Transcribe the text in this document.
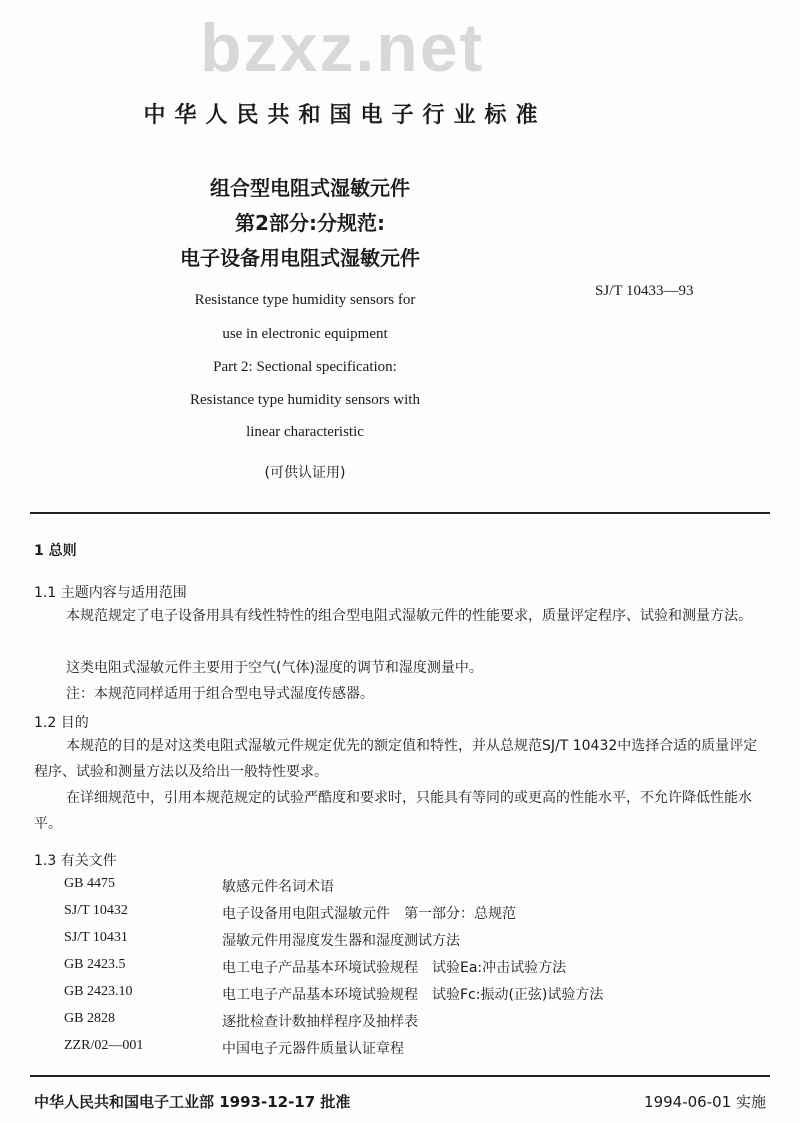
bzxz.net
中华人民共和国电子行业标准
组合型电阻式湿敏元件
第2部分:分规范:
电子设备用电阻式湿敏元件
SJ/T 10433—93
Resistance type humidity sensors for
use in electronic equipment
Part 2: Sectional specification:
Resistance type humidity sensors with
linear characteristic
(可供认证用)
1 总则
1.1 主题内容与适用范围
本规范规定了电子设备用具有线性特性的组合型电阻式湿敏元件的性能要求，质量评定程序、试验和测量方法。
这类电阻式湿敏元件主要用于空气(气体)湿度的调节和湿度测量中。
注：本规范同样适用于组合型电导式湿度传感器。
1.2 目的
本规范的目的是对这类电阻式湿敏元件规定优先的额定值和特性，并从总规范SJ/T 10432中选择合适的质量评定程序、试验和测量方法以及给出一般特性要求。
在详细规范中，引用本规范规定的试验严酷度和要求时，只能具有等同的或更高的性能水平，不允许降低性能水平。
1.3 有关文件
GB 4475	敏感元件名词术语
SJ/T 10432	电子设备用电阻式湿敏元件　第一部分：总规范
SJ/T 10431	湿敏元件用湿度发生器和湿度测试方法
GB 2423.5	电工电子产品基本环境试验规程　试验Ea:冲击试验方法
GB 2423.10	电工电子产品基本环境试验规程　试验Fc:振动(正弦)试验方法
GB 2828	逐批检查计数抽样程序及抽样表
ZZR/02—001	中国电子元器件质量认证章程
中华人民共和国电子工业部 1993-12-17 批准	1994-06-01 实施
